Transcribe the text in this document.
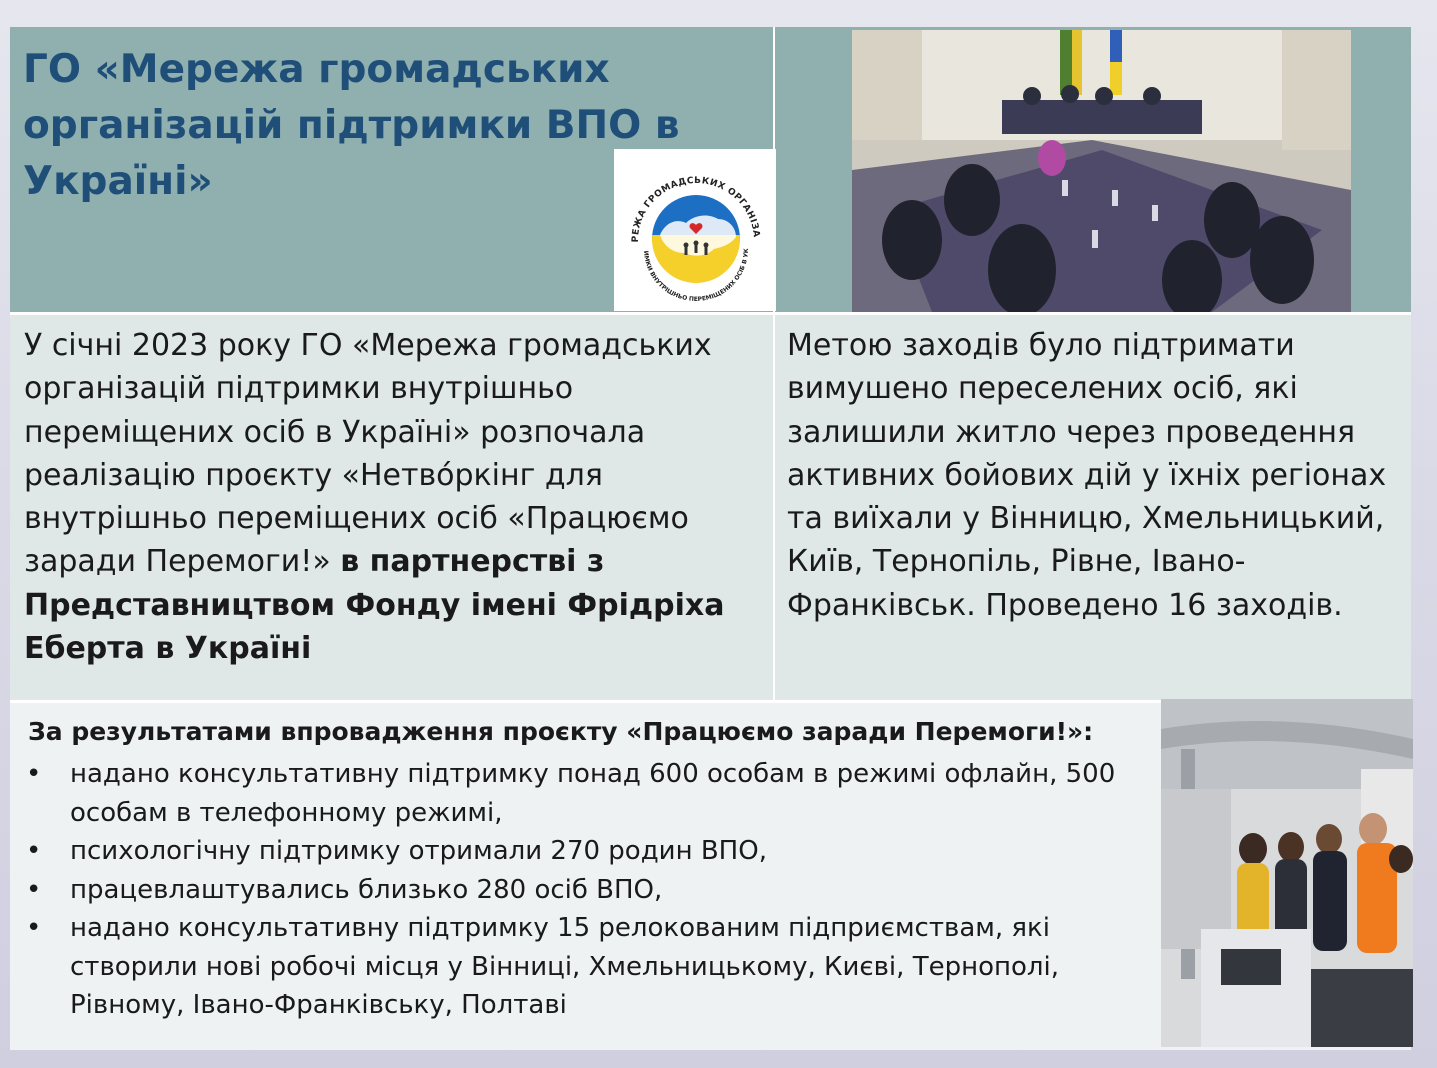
ГО «Мережа громадських організацій підтримки ВПО в Україні»
РЕЖА ГРОМАДСЬКИХ ОРГАНІЗА
ИМКИ ВНУТРІШНЬО ПЕРЕМІЩЕНИХ ОСІБ В УК

У січні 2023 року ГО «Мережа громадських організацій підтримки внутрішньо переміщених осіб в Україні» розпочала реалізацію проєкту «Нетво́ркінг для внутрішньо переміщених осіб «Працюємо заради Перемоги!» в партнерстві з Представництвом Фонду імені Фрідріха Еберта в Україні

Метою заходів було підтримати вимушено переселених осіб, які залишили житло через проведення активних бойових дій у їхніх регіонах та виїхали у Вінницю, Хмельницький, Київ, Тернопіль, Рівне, Івано-Франківськ. Проведено 16 заходів.

За результатами впровадження проєкту «Працюємо заради Перемоги!»:

• надано консультативну підтримку понад 600 особам в режимі офлайн, 500 особам в телефонному режимі,
• психологічну підтримку отримали 270 родин ВПО,
• працевлаштувались близько 280 осіб ВПО,
• надано консультативну підтримку 15 релокованим підприємствам, які створили нові робочі місця у Вінниці, Хмельницькому, Києві, Тернополі, Рівному, Івано-Франківську, Полтаві
